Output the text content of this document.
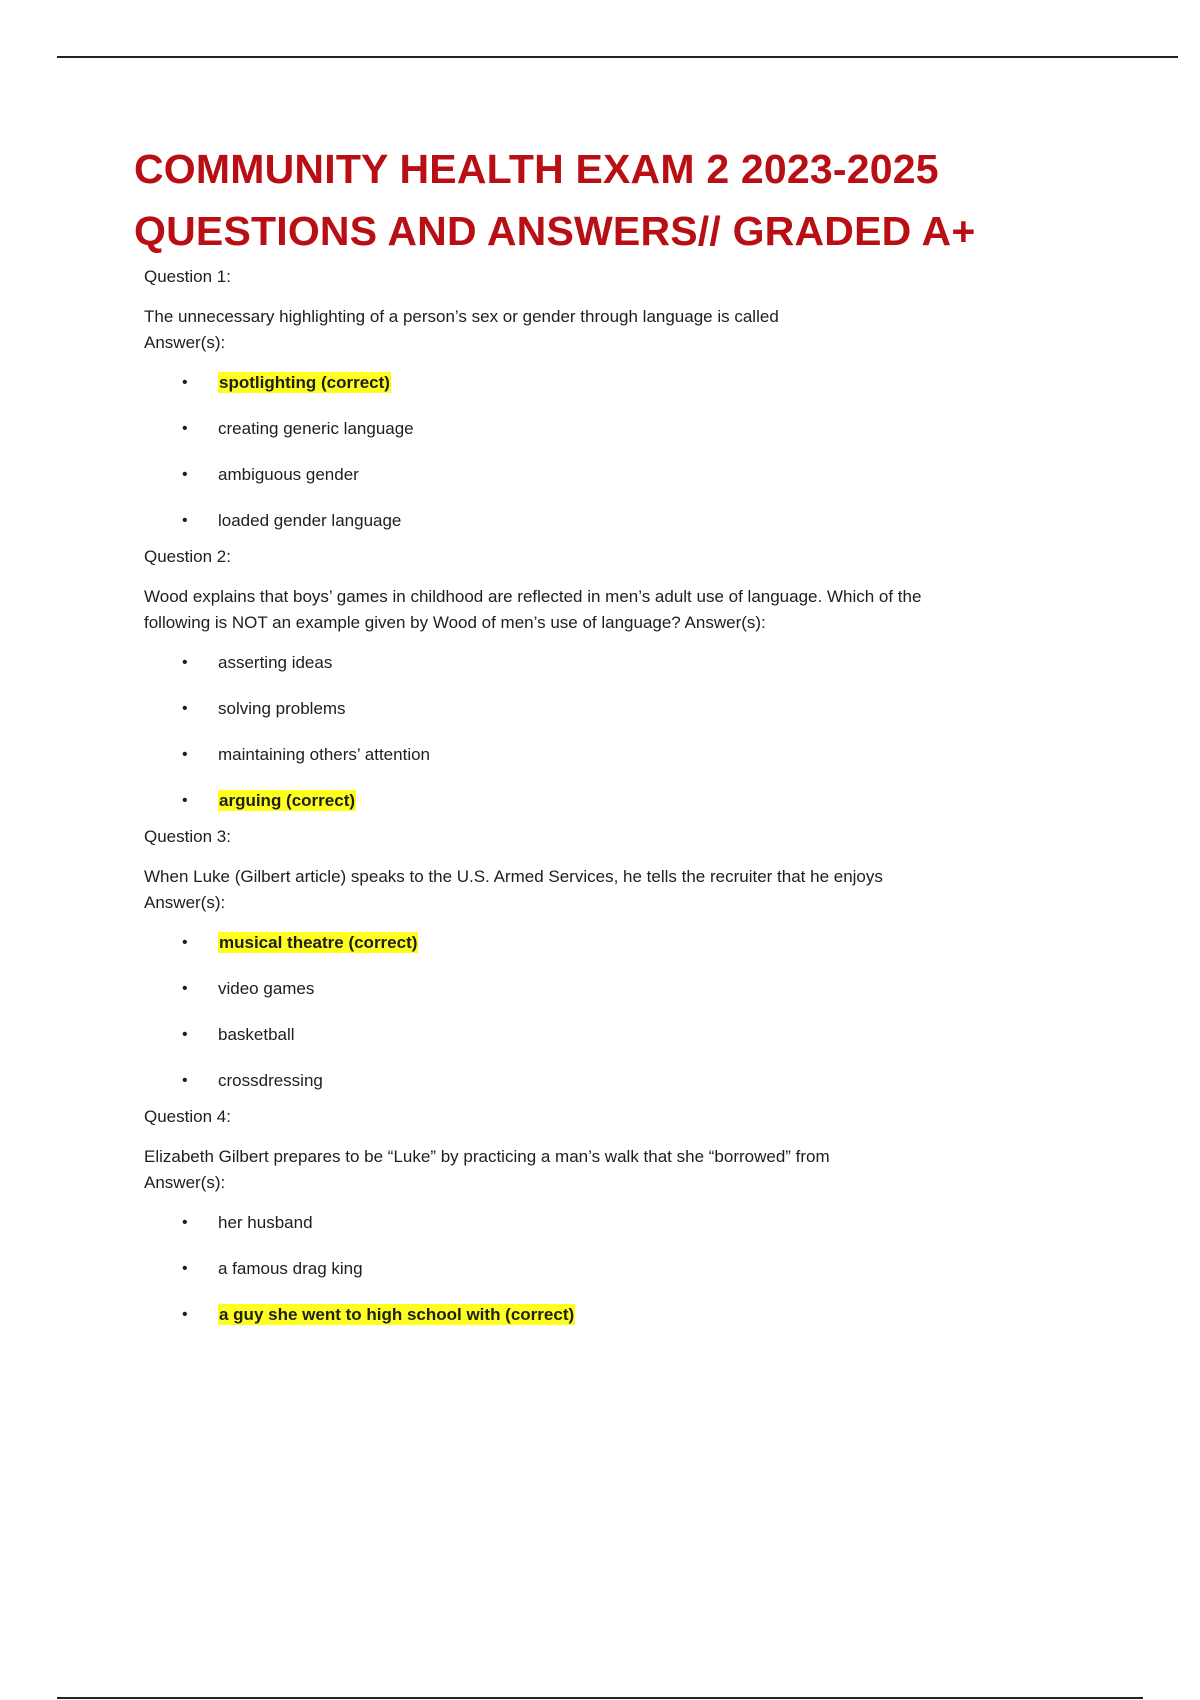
COMMUNITY HEALTH EXAM 2 2023-2025
QUESTIONS AND ANSWERS// GRADED A+

Question 1:

The unnecessary highlighting of a person’s sex or gender through language is called
Answer(s):

• spotlighting (correct)
• creating generic language
• ambiguous gender
• loaded gender language

Question 2:

Wood explains that boys’ games in childhood are reflected in men’s adult use of language. Which of the
following is NOT an example given by Wood of men’s use of language? Answer(s):

• asserting ideas
• solving problems
• maintaining others’ attention
• arguing (correct)

Question 3:

When Luke (Gilbert article) speaks to the U.S. Armed Services, he tells the recruiter that he enjoys
Answer(s):

• musical theatre (correct)
• video games
• basketball
• crossdressing

Question 4:

Elizabeth Gilbert prepares to be “Luke” by practicing a man’s walk that she “borrowed” from
Answer(s):

• her husband
• a famous drag king
• a guy she went to high school with (correct)
